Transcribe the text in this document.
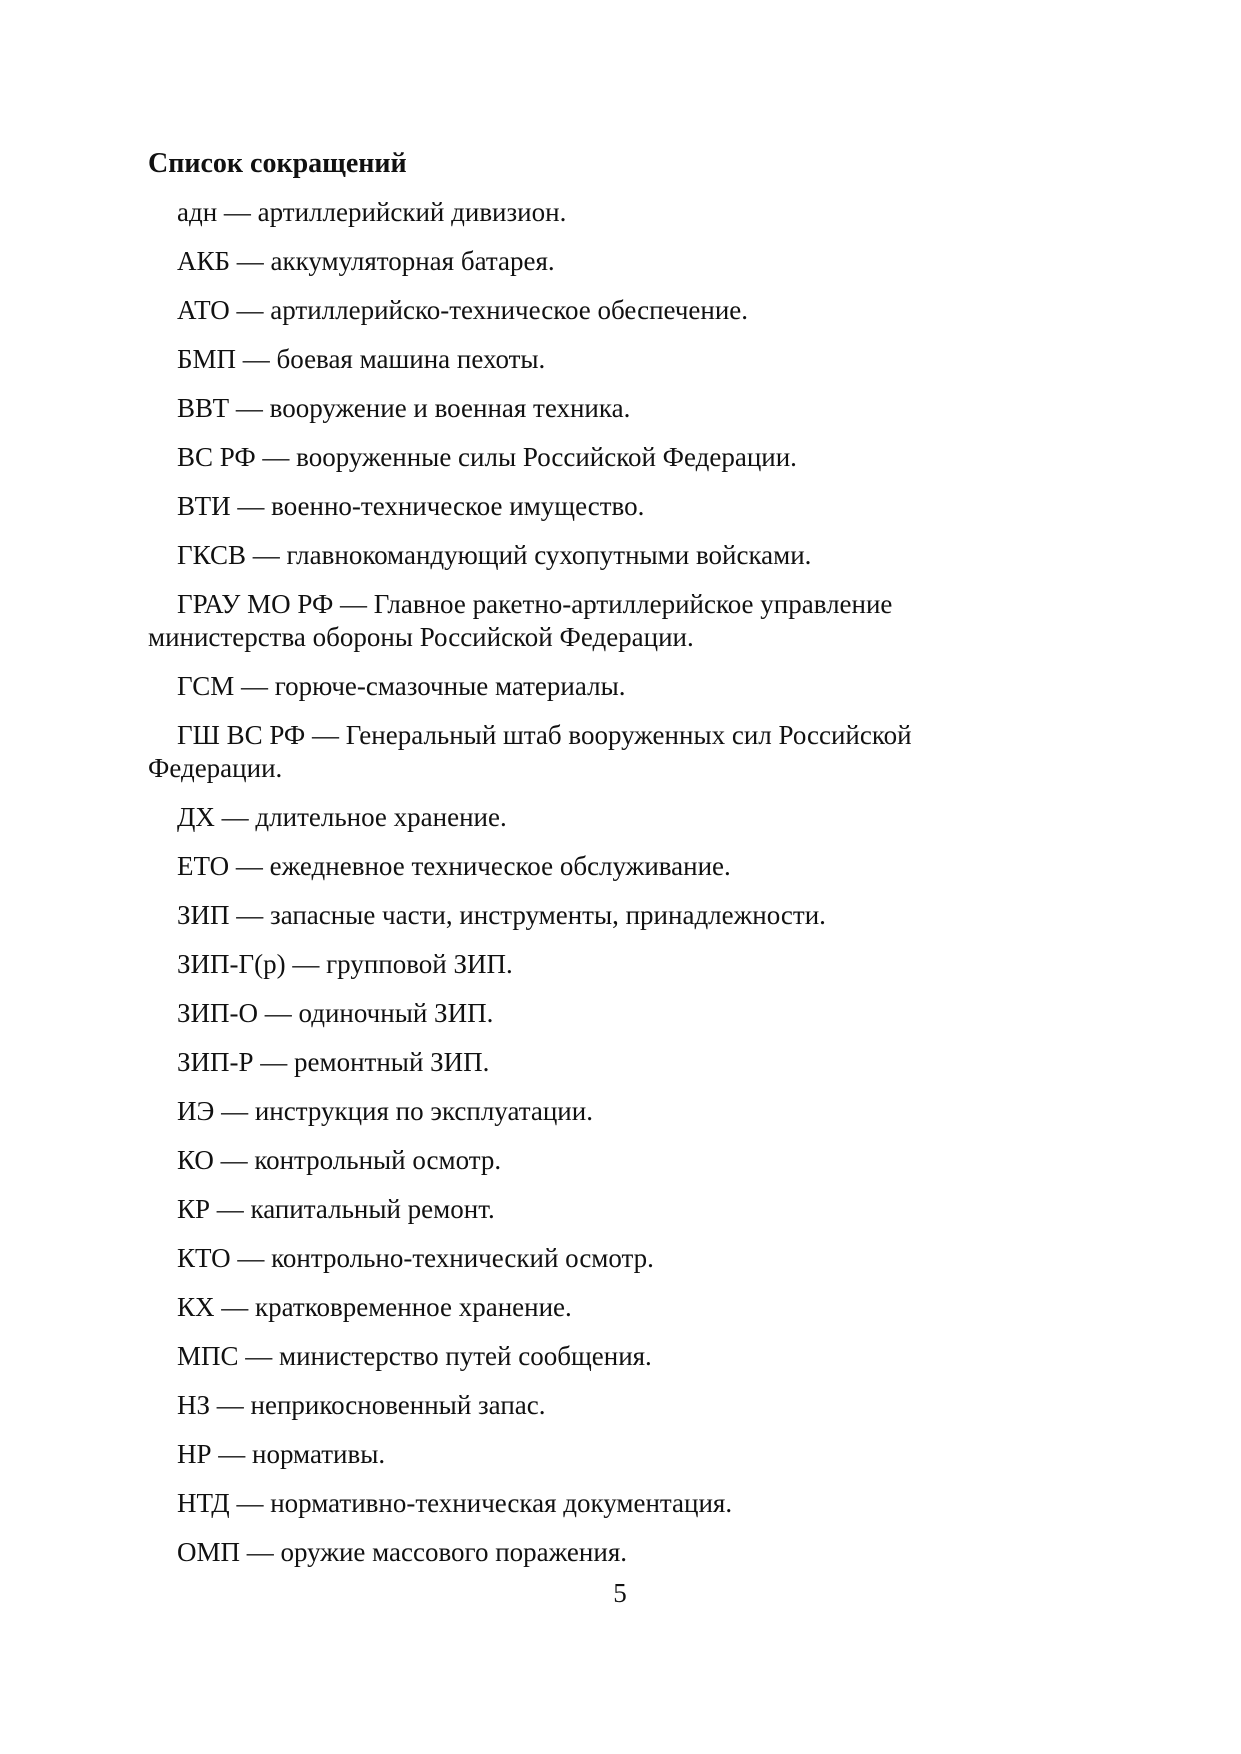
Список сокращений
адн — артиллерийский дивизион.
АКБ — аккумуляторная батарея.
АТО — артиллерийско-техническое обеспечение.
БМП — боевая машина пехоты.
ВВТ — вооружение и военная техника.
ВС РФ — вооруженные силы Российской Федерации.
ВТИ — военно-техническое имущество.
ГКСВ — главнокомандующий сухопутными войсками.
ГРАУ МО РФ — Главное ракетно-артиллерийское управление министерства обороны Российской Федерации.
ГСМ — горюче-смазочные материалы.
ГШ ВС РФ — Генеральный штаб вооруженных сил Российской Федерации.
ДХ — длительное хранение.
ЕТО — ежедневное техническое обслуживание.
ЗИП — запасные части, инструменты, принадлежности.
ЗИП-Г(р) — групповой ЗИП.
ЗИП-О — одиночный ЗИП.
ЗИП-Р — ремонтный ЗИП.
ИЭ — инструкция по эксплуатации.
КО — контрольный осмотр.
КР — капитальный ремонт.
КТО — контрольно-технический осмотр.
КХ — кратковременное хранение.
МПС — министерство путей сообщения.
НЗ — неприкосновенный запас.
НР — нормативы.
НТД — нормативно-техническая документация.
ОМП — оружие массового поражения.
5
